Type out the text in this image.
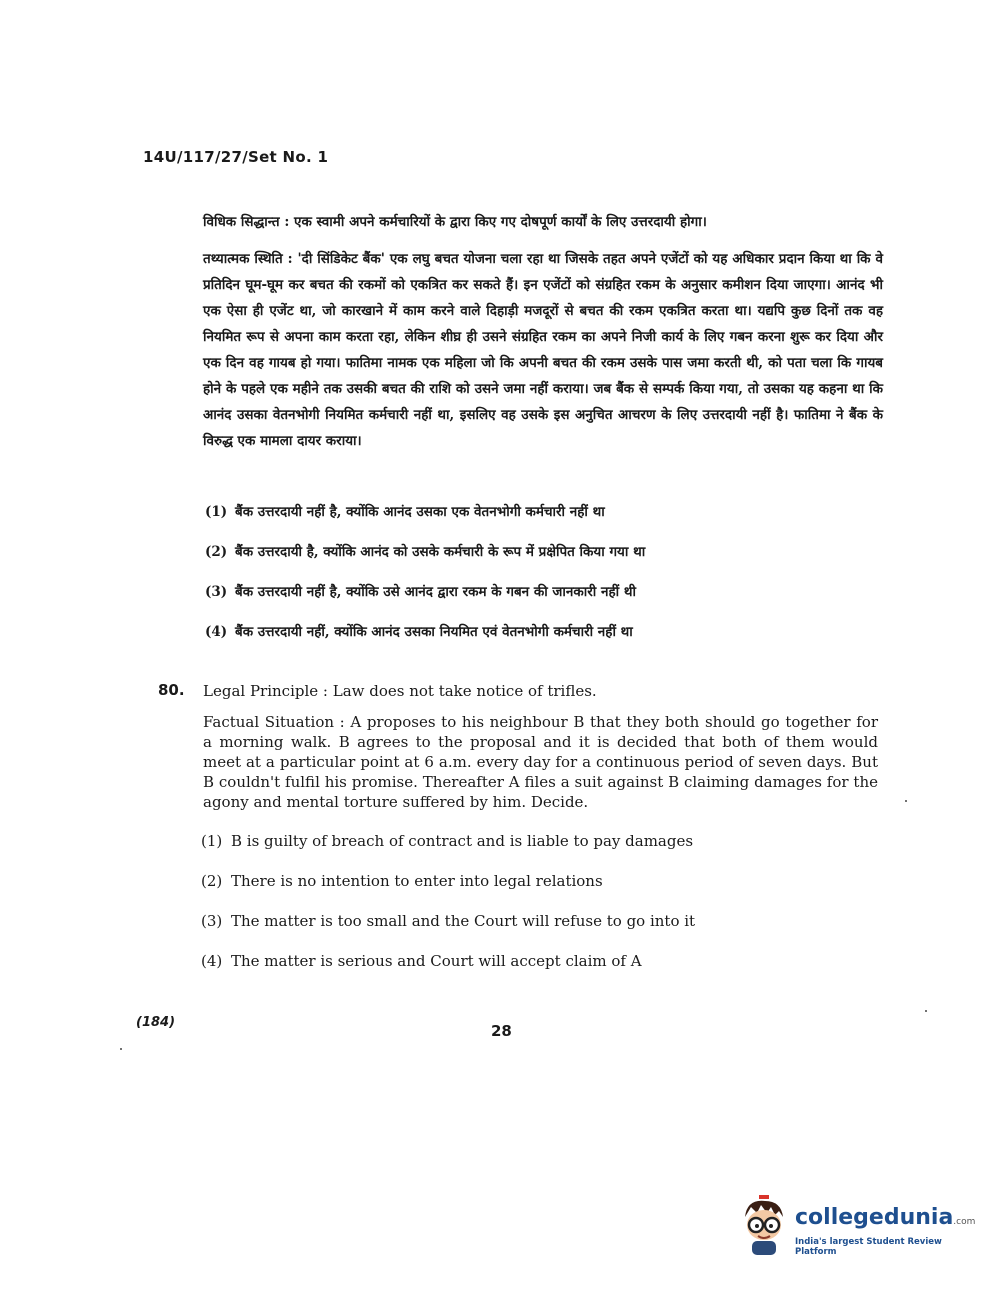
14U/117/27/Set No. 1
विधिक सिद्धान्त : एक स्वामी अपने कर्मचारियों के द्वारा किए गए दोषपूर्ण कार्यों के लिए उत्तरदायी होगा।
तथ्यात्मक स्थिति : 'दी सिंडिकेट बैंक' एक लघु बचत योजना चला रहा था जिसके तहत अपने एजेंटों को यह अधिकार प्रदान किया था कि वे प्रतिदिन घूम-घूम कर बचत की रकमों को एकत्रित कर सकते हैं। इन एजेंटों को संग्रहित रकम के अनुसार कमीशन दिया जाएगा। आनंद भी एक ऐसा ही एजेंट था, जो कारखाने में काम करने वाले दिहाड़ी मजदूरों से बचत की रकम एकत्रित करता था। यद्यपि कुछ दिनों तक वह नियमित रूप से अपना काम करता रहा, लेकिन शीघ्र ही उसने संग्रहित रकम का अपने निजी कार्य के लिए गबन करना शुरू कर दिया और एक दिन वह गायब हो गया। फातिमा नामक एक महिला जो कि अपनी बचत की रकम उसके पास जमा करती थी, को पता चला कि गायब होने के पहले एक महीने तक उसकी बचत की राशि को उसने जमा नहीं कराया। जब बैंक से सम्पर्क किया गया, तो उसका यह कहना था कि आनंद उसका वेतनभोगी नियमित कर्मचारी नहीं था, इसलिए वह उसके इस अनुचित आचरण के लिए उत्तरदायी नहीं है। फातिमा ने बैंक के विरुद्ध एक मामला दायर कराया।
(1) बैंक उत्तरदायी नहीं है, क्योंकि आनंद उसका एक वेतनभोगी कर्मचारी नहीं था
(2) बैंक उत्तरदायी है, क्योंकि आनंद को उसके कर्मचारी के रूप में प्रक्षेपित किया गया था
(3) बैंक उत्तरदायी नहीं है, क्योंकि उसे आनंद द्वारा रकम के गबन की जानकारी नहीं थी
(4) बैंक उत्तरदायी नहीं, क्योंकि आनंद उसका नियमित एवं वेतनभोगी कर्मचारी नहीं था
80. Legal Principle : Law does not take notice of trifles.
Factual Situation : A proposes to his neighbour B that they both should go together for a morning walk. B agrees to the proposal and it is decided that both of them would meet at a particular point at 6 a.m. every day for a continuous period of seven days. But B couldn't fulfil his promise. Thereafter A files a suit against B claiming damages for the agony and mental torture suffered by him. Decide.
(1) B is guilty of breach of contract and is liable to pay damages
(2) There is no intention to enter into legal relations
(3) The matter is too small and the Court will refuse to go into it
(4) The matter is serious and Court will accept claim of A
(184)	28
collegedunia.com
India's largest Student Review Platform
